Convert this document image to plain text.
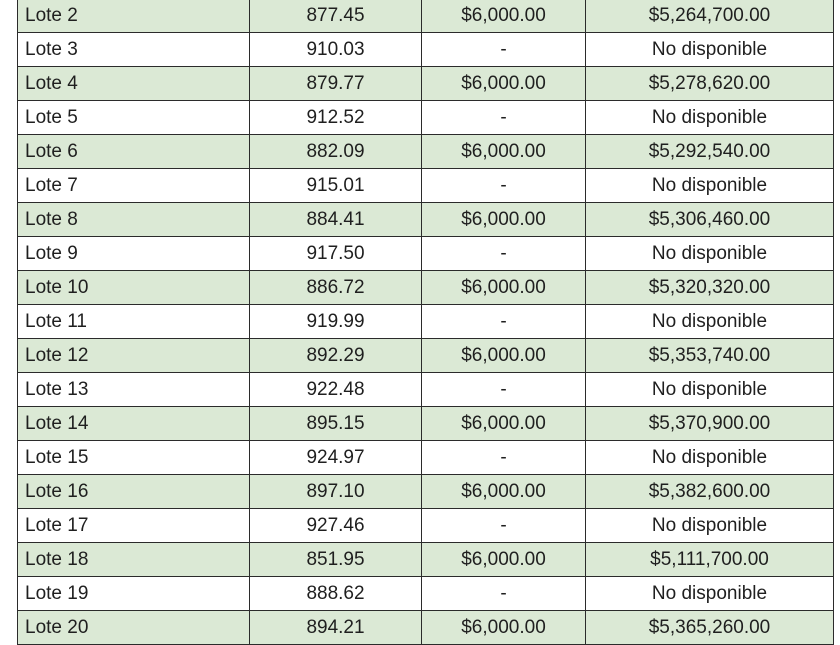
Lote 2	877.45	$6,000.00	$5,264,700.00
Lote 3	910.03	-	No disponible
Lote 4	879.77	$6,000.00	$5,278,620.00
Lote 5	912.52	-	No disponible
Lote 6	882.09	$6,000.00	$5,292,540.00
Lote 7	915.01	-	No disponible
Lote 8	884.41	$6,000.00	$5,306,460.00
Lote 9	917.50	-	No disponible
Lote 10	886.72	$6,000.00	$5,320,320.00
Lote 11	919.99	-	No disponible
Lote 12	892.29	$6,000.00	$5,353,740.00
Lote 13	922.48	-	No disponible
Lote 14	895.15	$6,000.00	$5,370,900.00
Lote 15	924.97	-	No disponible
Lote 16	897.10	$6,000.00	$5,382,600.00
Lote 17	927.46	-	No disponible
Lote 18	851.95	$6,000.00	$5,111,700.00
Lote 19	888.62	-	No disponible
Lote 20	894.21	$6,000.00	$5,365,260.00
